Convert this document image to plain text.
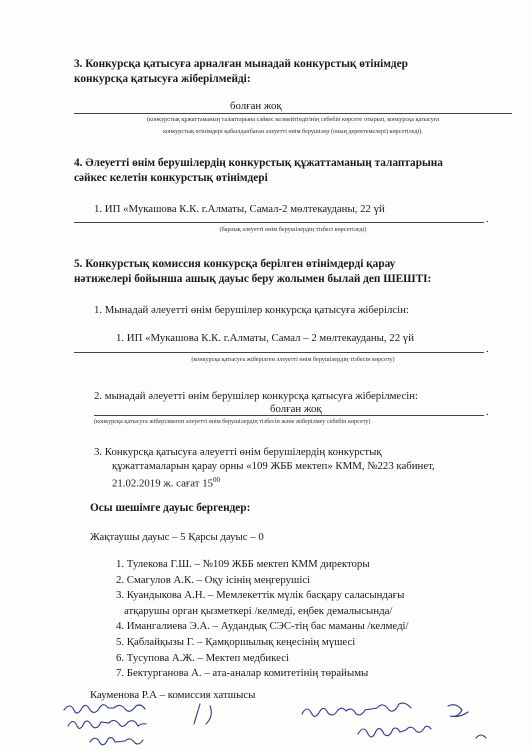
3. Конкурсқа қатысуға арналған мынадай конкурстық өтінімдер
конкурсқа қатысуға жіберілмейді:
болған жоқ
(конкурстық құжаттаманың талаптарына сәйкес келмейтіндігінің себебін көрсете отырып, конкурсқа қатысуға
конкурстық өтінімдері қабылданбаған әлеуетті өнім берушілер (оның деректемелері) көрсетіледі).
4. Әлеуетті өнім берушілердің конкурстық құжаттаманың талаптарына
сәйкес келетін конкурстық өтінімдері
1. ИП «Мукашова К.К. г.Алматы, Самал-2 мөлтекауданы, 22 үй
.
(барлық әлеуетті өнім берушілердің тізбесі көрсетіледі)
5. Конкурстық комиссия конкурсқа берілген өтінімдерді қарау
нәтижелері бойынша ашық дауыс беру жолымен былай деп ШЕШТІ:
1. Мынадай әлеуетті өнім берушілер конкурсқа қатысуға жіберілсін:
1. ИП «Мукашова К.К. г.Алматы, Самал – 2 мөлтекауданы, 22 үй
.
(конкурсқа қатысуға жіберілген әлеуетті өнім берушілердің тізбесін көрсету)
2. мынадай әлеуетті өнім берушілер конкурсқа қатысуға жіберілмесін:
болған жоқ	.
(конкурсқа қатысуға жіберілмеген әлеуетті өнім берушілердің тізбесін және жіберілмеу себебін көрсету)
3. Конкурсқа қатысуға әлеуетті өнім берушілердің конкурстық
құжаттамаларын қарау орны «109 ЖББ мектеп» КММ, №223 кабинет,
21.02.2019 ж. сағат $15^{00}$
Осы шешімге дауыс бергендер:
Жақтаушы дауыс – 5 Қарсы дауыс – 0
1. Тулекова Г.Ш. – №109 ЖББ мектеп КММ директоры
2. Смагулов А.К. – Оқу ісінің меңгерушісі
3. Куандыкова А.Н. – Мемлекеттік мүлік басқару саласындағы
атқарушы орган қызметкері /келмеді, еңбек демалысында/
4. Имангалиева Э.А. – Аудандық СЭС-тің бас маманы /келмеді/
5. Қаблайқызы Г. – Қамқоршылық кеңесінің мүшесі
6. Тусупова А.Ж. – Мектеп медбикесі
7. Бектурганова А. – ата-аналар комитетінің төрайымы
Кауменова Р.А – комиссия хатшысы
